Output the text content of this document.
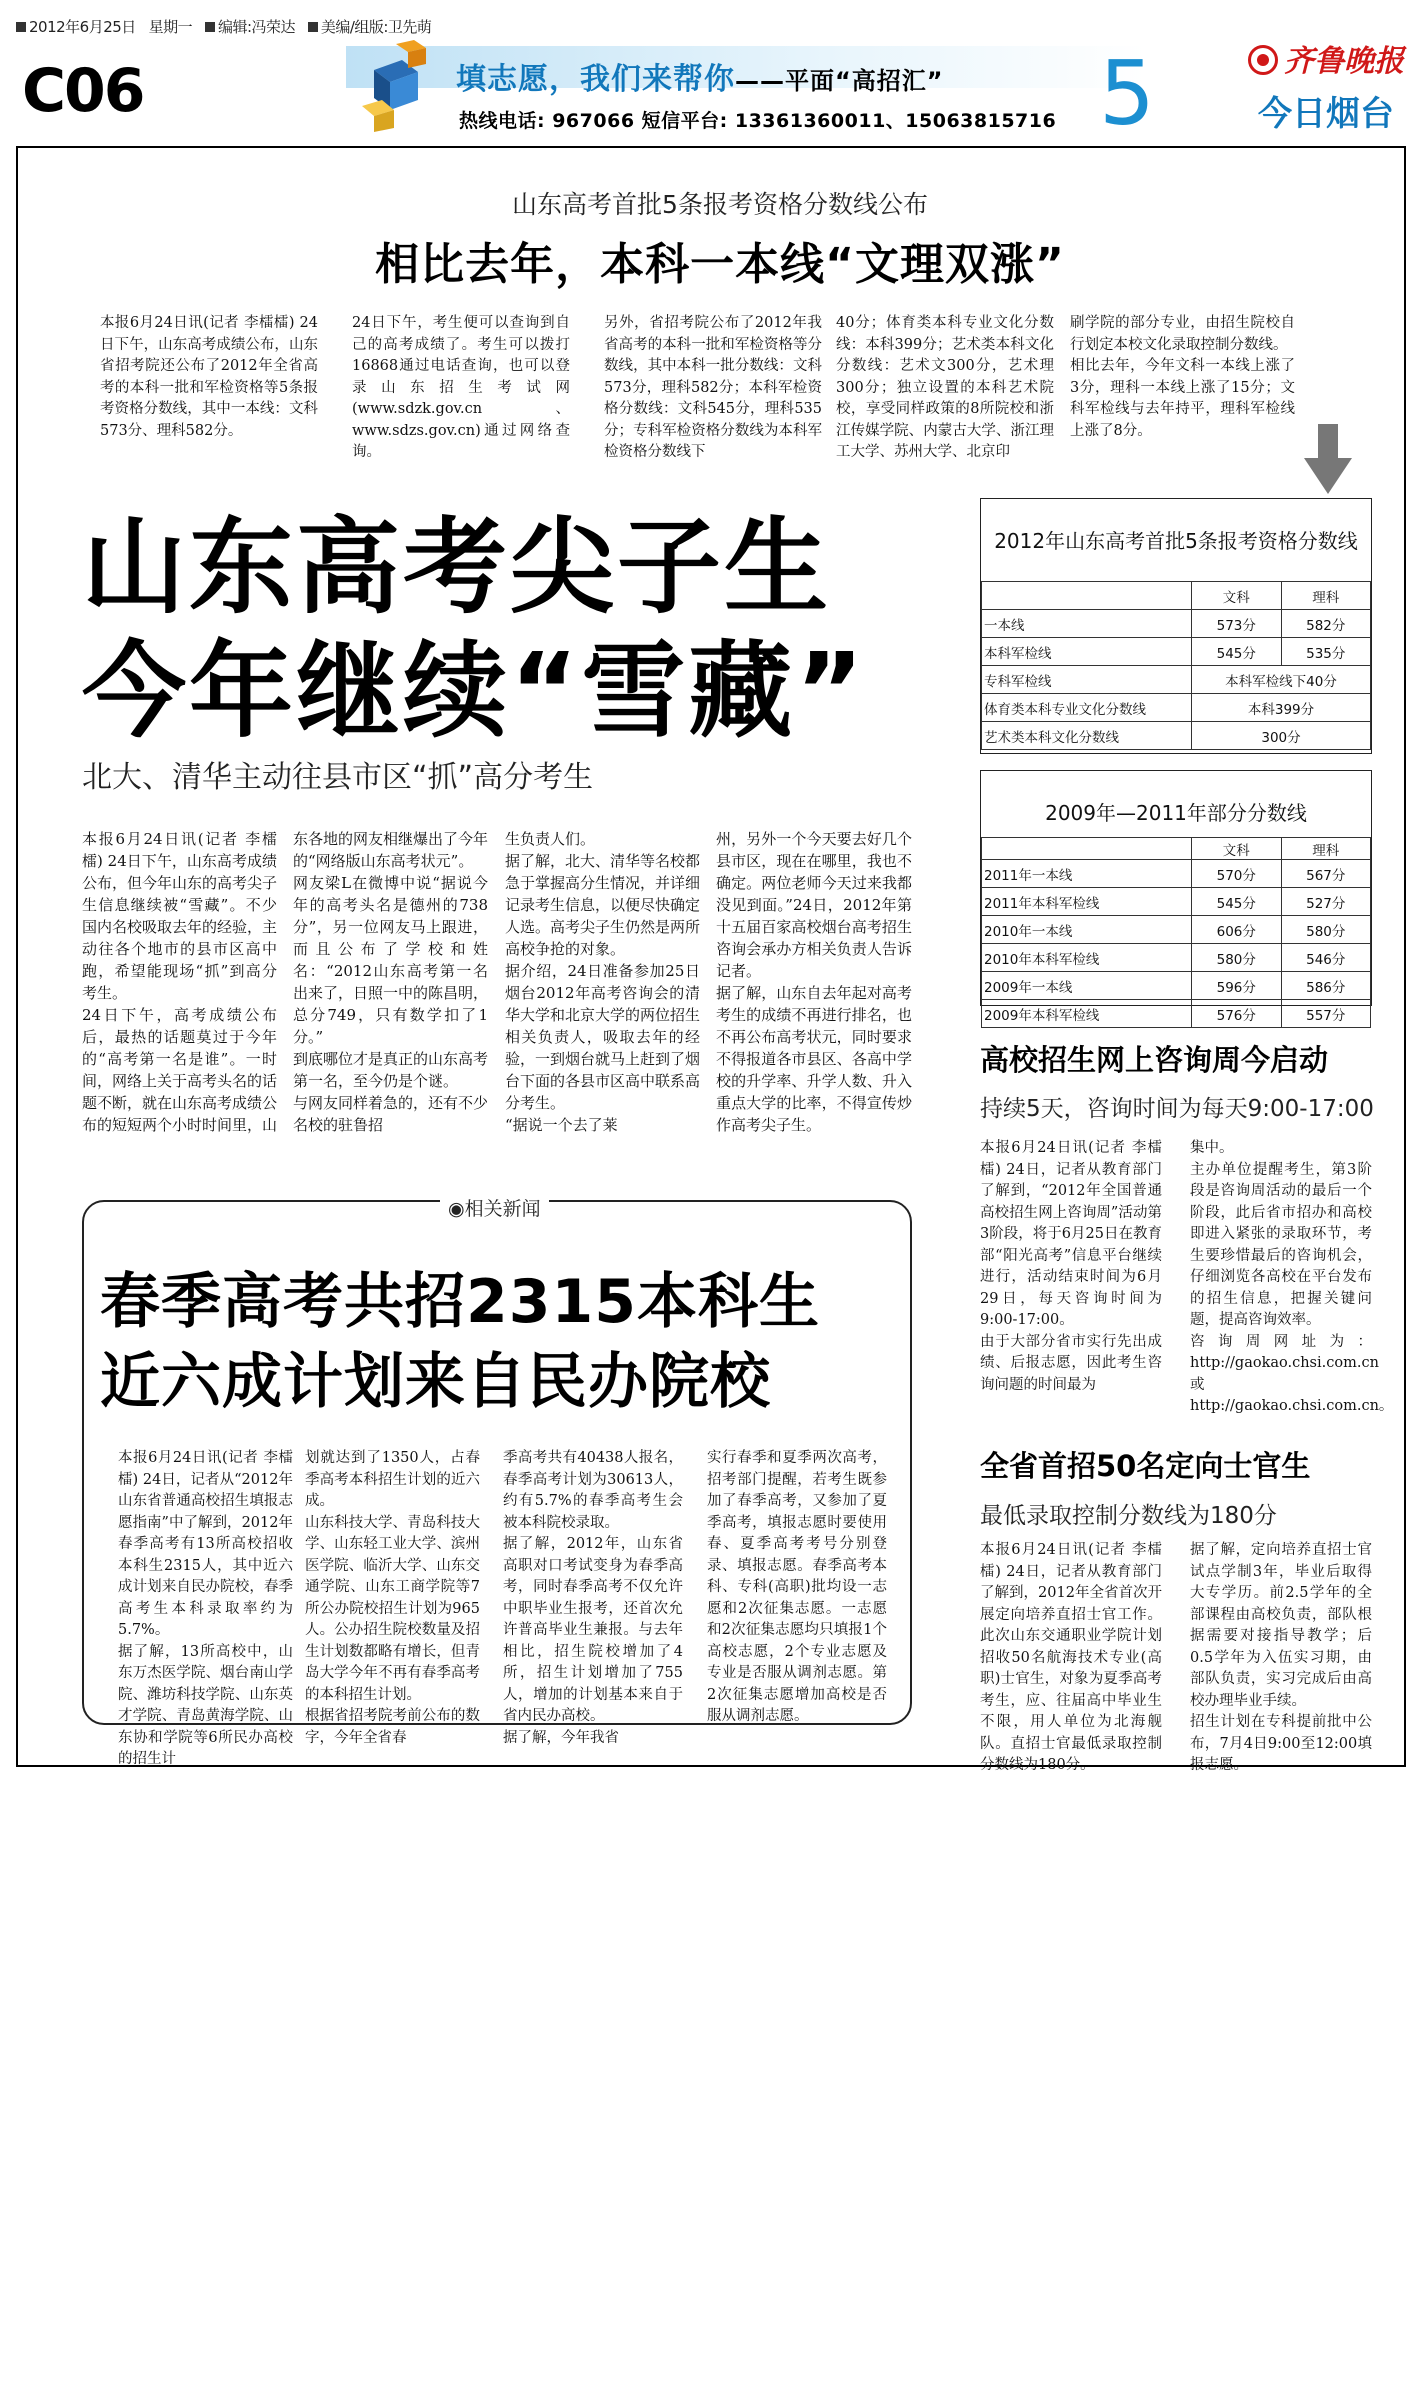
2012年6月25日 星期一 编辑:冯荣达 美编/组版:卫先萌
C06	填志愿，我们来帮你——平面“高招汇”
热线电话: 967066 短信平台: 13361360011、15063815716 5	齐鲁晚报
今日烟台
山东高考首批5条报考资格分数线公布
相比去年，本科一本线“文理双涨”

本报6月24日讯(记者 李檑檑) 24日下午，山东高考成绩公布，山东省招考院还公布了2012年全省高考的本科一批和军检资格等5条报考资格分数线，其中一本线：文科573分、理科582分。

24日下午，考生便可以查询到自己的高考成绩了。考生可以拨打16868通过电话查询，也可以登录山东招生考试网(www.sdzk.gov.cn、www.sdzs.gov.cn)通过网络查询。

另外，省招考院公布了2012年我省高考的本科一批和军检资格等分数线，其中本科一批分数线：文科573分，理科582分；本科军检资格分数线：文科545分，理科535分；专科军检资格分数线为本科军检资格分数线下

40分；体育类本科专业文化分数线：本科399分；艺术类本科文化分数线：艺术文300分，艺术理300分；独立设置的本科艺术院校，享受同样政策的8所院校和浙江传媒学院、内蒙古大学、浙江理工大学、苏州大学、北京印

刷学院的部分专业，由招生院校自行划定本校文化录取控制分数线。
相比去年，今年文科一本线上涨了3分，理科一本线上涨了15分；文科军检线与去年持平，理科军检线上涨了8分。

2012年山东高考首批5条报考资格分数线
	文科	理科
一本线	573分	582分
本科军检线	545分	535分
专科军检线	本科军检线下40分	
体育类本科专业文化分数线	本科399分	
艺术类本科文化分数线	300分	
2009年—2011年部分分数线
	文科	理科
2011年一本线	570分	567分
2011年本科军检线	545分	527分
2010年一本线	606分	580分
2010年本科军检线	580分	546分
2009年一本线	596分	586分
2009年本科军检线	576分	557分
山东高考尖子生
今年继续“雪藏”
北大、清华主动往县市区“抓”高分考生

本报6月24日讯(记者 李檑檑) 24日下午，山东高考成绩公布，但今年山东的高考尖子生信息继续被“雪藏”。不少国内名校吸取去年的经验，主动往各个地市的县市区高中跑，希望能现场“抓”到高分考生。
24日下午，高考成绩公布后，最热的话题莫过于今年的“高考第一名是谁”。一时间，网络上关于高考头名的话题不断，就在山东高考成绩公布的短短两个小时时间里，山

东各地的网友相继爆出了今年的“网络版山东高考状元”。
网友梁L在微博中说“据说今年的高考头名是德州的738分”，另一位网友马上跟进，而且公布了学校和姓名：“2012山东高考第一名出来了，日照一中的陈昌明，总分749，只有数学扣了1分。”
到底哪位才是真正的山东高考第一名，至今仍是个谜。
与网友同样着急的，还有不少名校的驻鲁招

生负责人们。
据了解，北大、清华等名校都急于掌握高分生情况，并详细记录考生信息，以便尽快确定人选。高考尖子生仍然是两所高校争抢的对象。
据介绍，24日准备参加25日烟台2012年高考咨询会的清华大学和北京大学的两位招生相关负责人，吸取去年的经验，一到烟台就马上赶到了烟台下面的各县市区高中联系高分考生。
“据说一个去了莱

州，另外一个今天要去好几个县市区，现在在哪里，我也不确定。两位老师今天过来我都没见到面。”24日，2012年第十五届百家高校烟台高考招生咨询会承办方相关负责人告诉记者。
据了解，山东自去年起对高考考生的成绩不再进行排名，也不再公布高考状元，同时要求不得报道各市县区、各高中学校的升学率、升学人数、升入重点大学的比率，不得宣传炒作高考尖子生。

◉相关新闻
春季高考共招2315本科生
近六成计划来自民办院校

本报6月24日讯(记者 李檑檑) 24日，记者从“2012年山东省普通高校招生填报志愿指南”中了解到，2012年春季高考有13所高校招收本科生2315人，其中近六成计划来自民办院校，春季高考生本科录取率约为5.7%。
据了解，13所高校中，山东万杰医学院、烟台南山学院、潍坊科技学院、山东英才学院、青岛黄海学院、山东协和学院等6所民办高校的招生计

划就达到了1350人，占春季高考本科招生计划的近六成。
山东科技大学、青岛科技大学、山东轻工业大学、滨州医学院、临沂大学、山东交通学院、山东工商学院等7所公办院校招生计划为965人。公办招生院校数量及招生计划数都略有增长，但青岛大学今年不再有春季高考的本科招生计划。
根据省招考院考前公布的数字，今年全省春

季高考共有40438人报名，春季高考计划为30613人，约有5.7%的春季高考生会被本科院校录取。
据了解，2012年，山东省高职对口考试变身为春季高考，同时春季高考不仅允许中职毕业生报考，还首次允许普高毕业生兼报。与去年相比，招生院校增加了4所，招生计划增加了755人，增加的计划基本来自于省内民办高校。
据了解，今年我省

实行春季和夏季两次高考，招考部门提醒，若考生既参加了春季高考，又参加了夏季高考，填报志愿时要使用春、夏季高考考号分别登录、填报志愿。春季高考本科、专科(高职)批均设一志愿和2次征集志愿。一志愿和2次征集志愿均只填报1个高校志愿，2个专业志愿及专业是否服从调剂志愿。第2次征集志愿增加高校是否服从调剂志愿。

高校招生网上咨询周今启动
持续5天，咨询时间为每天9:00-17:00

本报6月24日讯(记者 李檑檑) 24日，记者从教育部门了解到，“2012年全国普通高校招生网上咨询周”活动第3阶段，将于6月25日在教育部“阳光高考”信息平台继续进行，活动结束时间为6月29日，每天咨询时间为9:00-17:00。
由于大部分省市实行先出成绩、后报志愿，因此考生咨询问题的时间最为

集中。
主办单位提醒考生，第3阶段是咨询周活动的最后一个阶段，此后省市招办和高校即进入紧张的录取环节，考生要珍惜最后的咨询机会，仔细浏览各高校在平台发布的招生信息，把握关键问题，提高咨询效率。
咨询周网址为：http://gaokao.chsi.com.cn或http://gaokao.chsi.com.cn。

全省首招50名定向士官生
最低录取控制分数线为180分

本报6月24日讯(记者 李檑檑) 24日，记者从教育部门了解到，2012年全省首次开展定向培养直招士官工作。此次山东交通职业学院计划招收50名航海技术专业(高职)士官生，对象为夏季高考考生，应、往届高中毕业生不限，用人单位为北海舰队。直招士官最低录取控制分数线为180分。

据了解，定向培养直招士官试点学制3年，毕业后取得大专学历。前2.5学年的全部课程由高校负责，部队根据需要对接指导教学；后0.5学年为入伍实习期，由部队负责，实习完成后由高校办理毕业手续。
招生计划在专科提前批中公布，7月4日9:00至12:00填报志愿。
